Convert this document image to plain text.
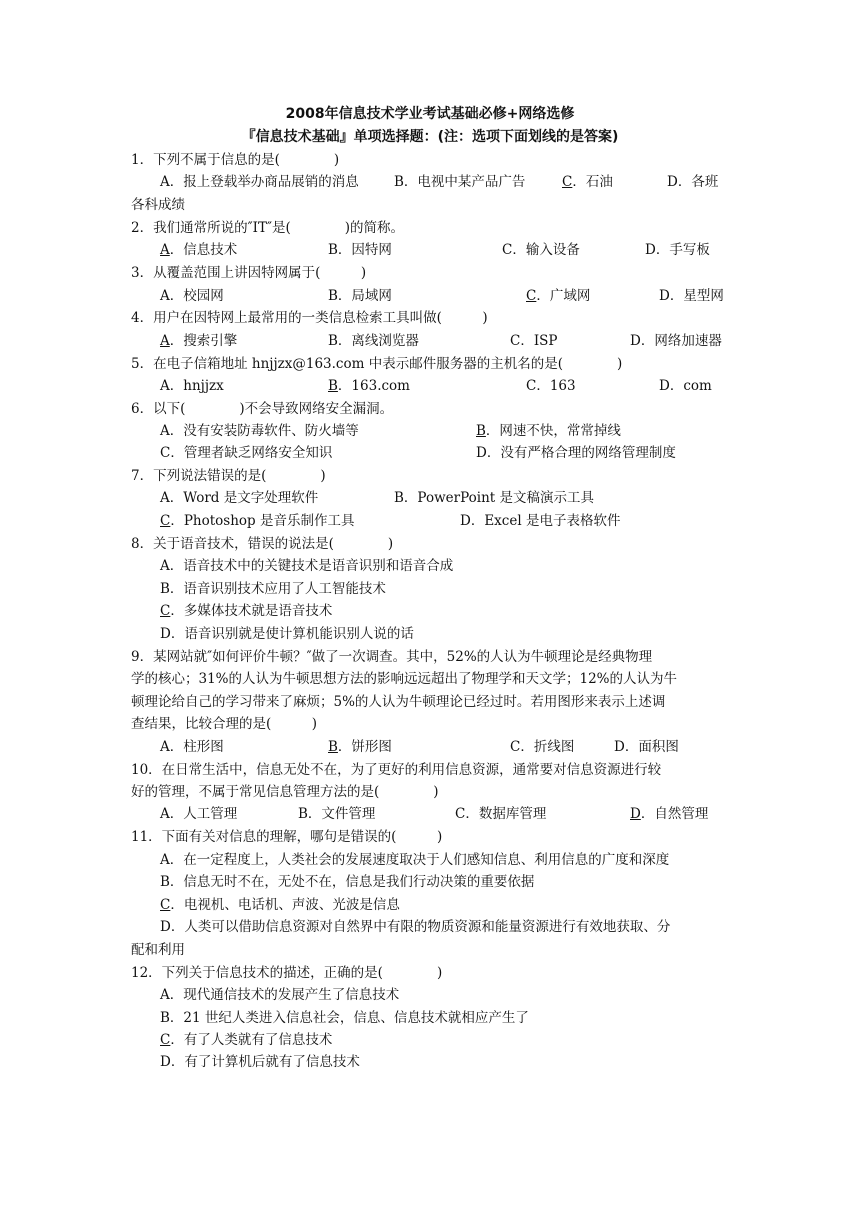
2008年信息技术学业考试基础必修+网络选修
『信息技术基础』单项选择题：(注：选项下面划线的是答案)
1．下列不属于信息的是(　　　　)
A．报上登载举办商品展销的消息	B．电视中某产品广告	C．石油	D．各班
各科成绩
2．我们通常所说的″IT″是(　　　　)的简称。
A．信息技术	B．因特网	C．输入设备	D．手写板
3．从覆盖范围上讲因特网属于(　　　)
A．校园网	B．局域网	C．广域网	D．星型网
4．用户在因特网上最常用的一类信息检索工具叫做(　　　)
A．搜索引擎	B．离线浏览器	C．ISP	D．网络加速器
5．在电子信箱地址 hnjjzx@163.com 中表示邮件服务器的主机名的是(　　　　)
A．hnjjzx	B．163.com	C．163	D．com
6．以下(　　　　)不会导致网络安全漏洞。
A．没有安装防毒软件、防火墙等	B．网速不快，常常掉线
C．管理者缺乏网络安全知识	D．没有严格合理的网络管理制度
7．下列说法错误的是(　　　　)
A．Word 是文字处理软件	B．PowerPoint 是文稿演示工具
C．Photoshop 是音乐制作工具	D．Excel 是电子表格软件
8．关于语音技术，错误的说法是(　　　　)
A．语音技术中的关键技术是语音识别和语音合成
B．语音识别技术应用了人工智能技术
C．多媒体技术就是语音技术
D．语音识别就是使计算机能识别人说的话
9．某网站就″如何评价牛顿？″做了一次调查。其中，52%的人认为牛顿理论是经典物理
学的核心；31%的人认为牛顿思想方法的影响远远超出了物理学和天文学；12%的人认为牛
顿理论给自己的学习带来了麻烦；5%的人认为牛顿理论已经过时。若用图形来表示上述调
查结果，比较合理的是(　　　)
A．柱形图	B．饼形图	C．折线图	D．面积图
10．在日常生活中，信息无处不在，为了更好的利用信息资源，通常要对信息资源进行较
好的管理，不属于常见信息管理方法的是(　　　　)
A．人工管理	B．文件管理	C．数据库管理	D．自然管理
11．下面有关对信息的理解，哪句是错误的(　　　)
A．在一定程度上，人类社会的发展速度取决于人们感知信息、利用信息的广度和深度
B．信息无时不在，无处不在，信息是我们行动决策的重要依据
C．电视机、电话机、声波、光波是信息
D．人类可以借助信息资源对自然界中有限的物质资源和能量资源进行有效地获取、分
配和利用
12．下列关于信息技术的描述，正确的是(　　　　)
A．现代通信技术的发展产生了信息技术
B．21 世纪人类进入信息社会，信息、信息技术就相应产生了
C．有了人类就有了信息技术
D．有了计算机后就有了信息技术
